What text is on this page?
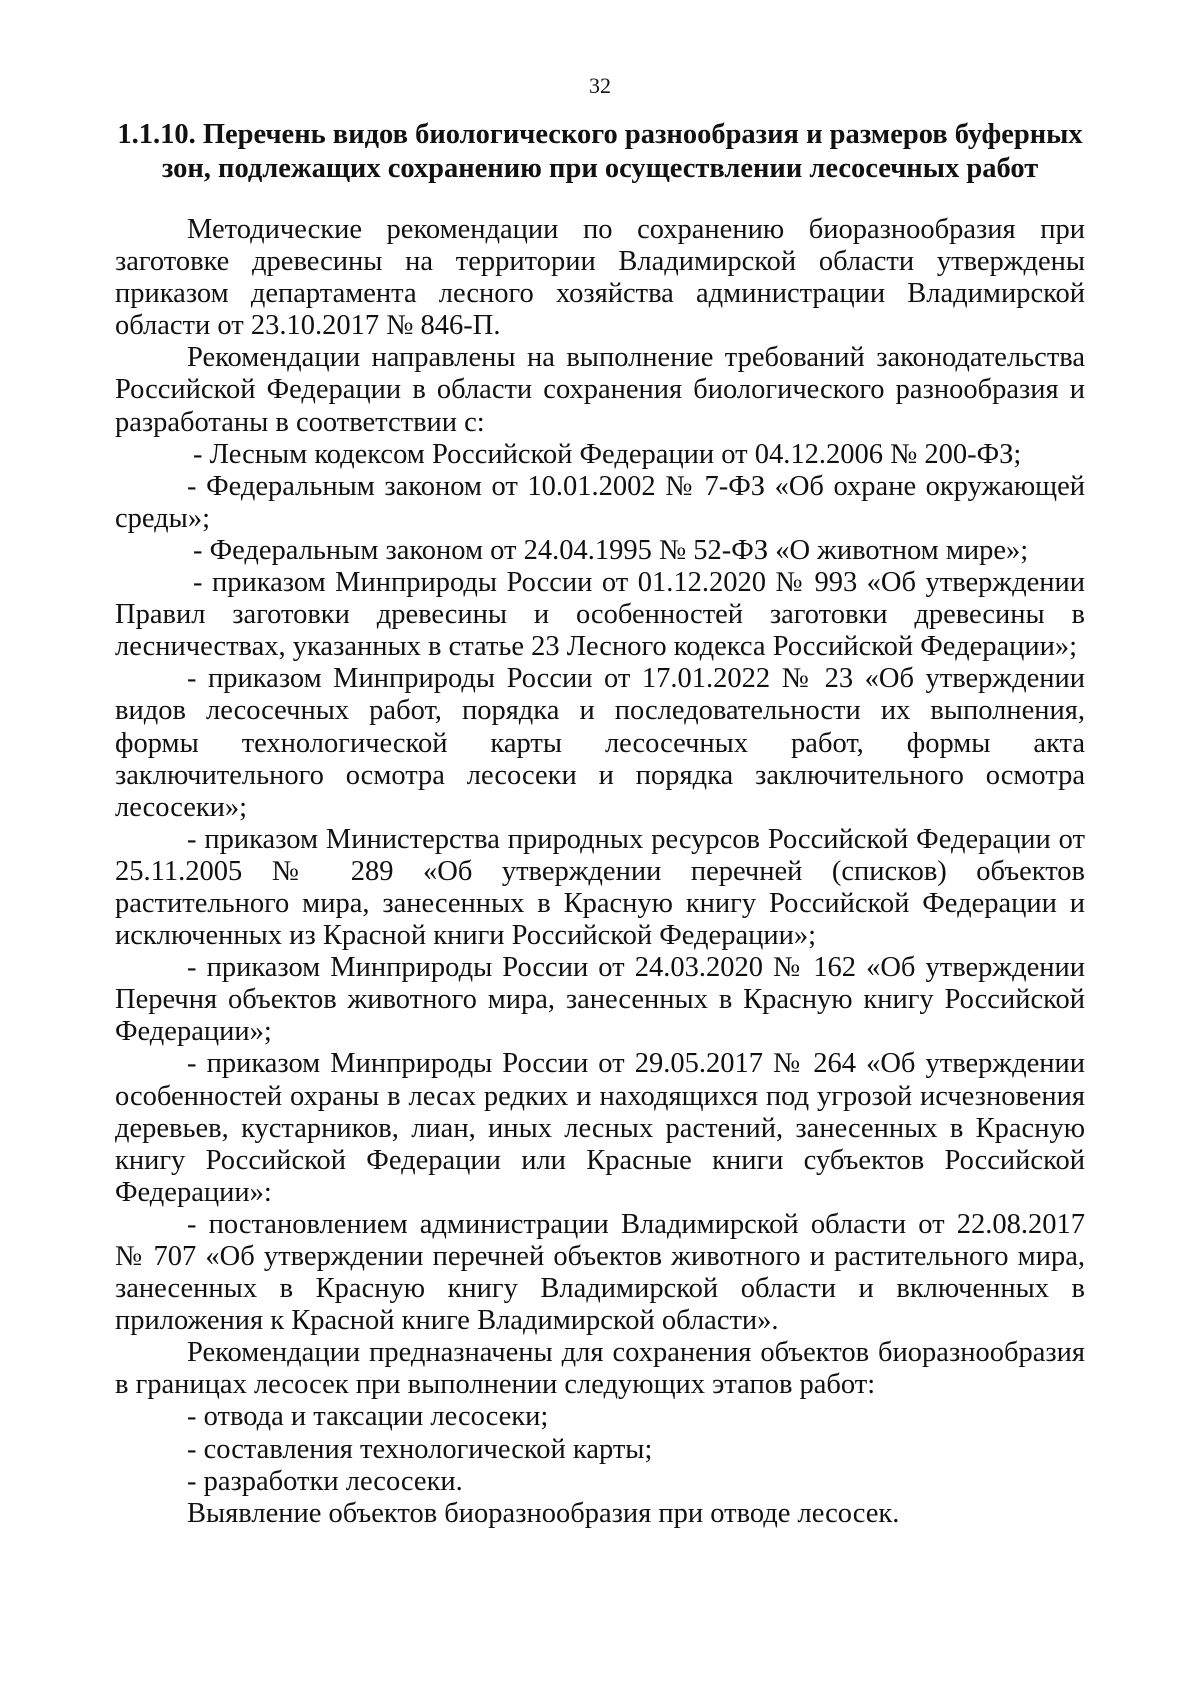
32
1.1.10. Перечень видов биологического разнообразия и размеров буферных зон, подлежащих сохранению при осуществлении лесосечных работ

Методические рекомендации по сохранению биоразнообразия при заготовке древесины на территории Владимирской области утверждены приказом департамента лесного хозяйства администрации Владимирской области от 23.10.2017 № 846-П.

Рекомендации направлены на выполнение требований законодательства Российской Федерации в области сохранения биологического разнообразия и разработаны в соответствии с:

- Лесным кодексом Российской Федерации от 04.12.2006 № 200-ФЗ;

- Федеральным законом от 10.01.2002 № 7-ФЗ «Об охране окружающей среды»;

- Федеральным законом от 24.04.1995 № 52-ФЗ «О животном мире»;

- приказом Минприроды России от 01.12.2020 № 993 «Об утверждении Правил заготовки древесины и особенностей заготовки древесины в лесничествах, указанных в статье 23 Лесного кодекса Российской Федерации»;

- приказом Минприроды России от 17.01.2022 № 23 «Об утверждении видов лесосечных работ, порядка и последовательности их выполнения, формы технологической карты лесосечных работ, формы акта заключительного осмотра лесосеки и порядка заключительного осмотра лесосеки»;

- приказом Министерства природных ресурсов Российской Федерации от 25.11.2005 № 289 «Об утверждении перечней (списков) объектов растительного мира, занесенных в Красную книгу Российской Федерации и исключенных из Красной книги Российской Федерации»;

- приказом Минприроды России от 24.03.2020 № 162 «Об утверждении Перечня объектов животного мира, занесенных в Красную книгу Российской Федерации»;

- приказом Минприроды России от 29.05.2017 № 264 «Об утверждении особенностей охраны в лесах редких и находящихся под угрозой исчезновения деревьев, кустарников, лиан, иных лесных растений, занесенных в Красную книгу Российской Федерации или Красные книги субъектов Российской Федерации»:

- постановлением администрации Владимирской области от 22.08.2017 № 707 «Об утверждении перечней объектов животного и растительного мира, занесенных в Красную книгу Владимирской области и включенных в приложения к Красной книге Владимирской области».

Рекомендации предназначены для сохранения объектов биоразнообразия в границах лесосек при выполнении следующих этапов работ:

- отвода и таксации лесосеки;

- составления технологической карты;

- разработки лесосеки.

Выявление объектов биоразнообразия при отводе лесосек.
